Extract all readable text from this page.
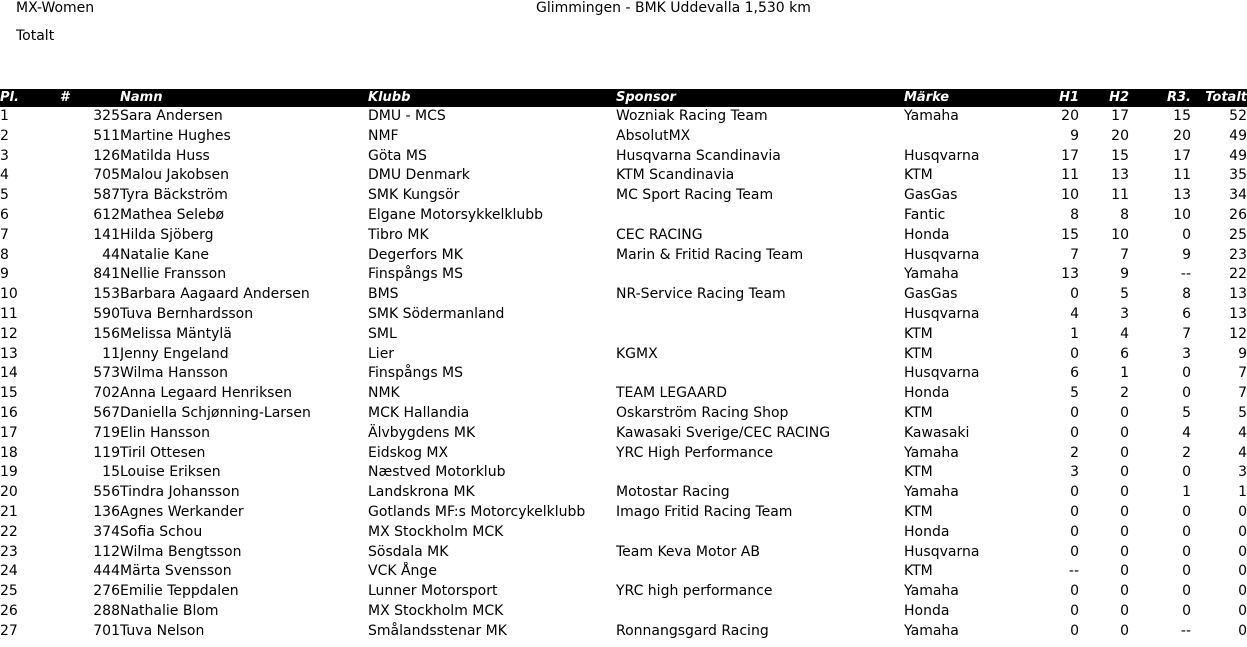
MX-Women	Glimmingen - BMK Uddevalla 1,530 km
Totalt
Pl.	#	Namn	Klubb	Sponsor	Märke	H1	H2	R3.	Totalt
1	325	Sara Andersen	DMU - MCS	Wozniak Racing Team	Yamaha	20	17	15	52
2	511	Martine Hughes	NMF	AbsolutMX		9	20	20	49
3	126	Matilda Huss	Göta MS	Husqvarna Scandinavia	Husqvarna	17	15	17	49
4	705	Malou Jakobsen	DMU Denmark	KTM Scandinavia	KTM	11	13	11	35
5	587	Tyra Bäckström	SMK Kungsör	MC Sport Racing Team	GasGas	10	11	13	34
6	612	Mathea Selebø	Elgane Motorsykkelklubb		Fantic	8	8	10	26
7	141	Hilda Sjöberg	Tibro MK	CEC RACING	Honda	15	10	0	25
8	44	Natalie Kane	Degerfors MK	Marin & Fritid Racing Team	Husqvarna	7	7	9	23
9	841	Nellie Fransson	Finspångs MS		Yamaha	13	9	--	22
10	153	Barbara Aagaard Andersen	BMS	NR-Service Racing Team	GasGas	0	5	8	13
11	590	Tuva Bernhardsson	SMK Södermanland		Husqvarna	4	3	6	13
12	156	Melissa Mäntylä	SML		KTM	1	4	7	12
13	11	Jenny Engeland	Lier	KGMX	KTM	0	6	3	9
14	573	Wilma Hansson	Finspångs MS		Husqvarna	6	1	0	7
15	702	Anna Legaard Henriksen	NMK	TEAM LEGAARD	Honda	5	2	0	7
16	567	Daniella Schjønning-Larsen	MCK Hallandia	Oskarström Racing Shop	KTM	0	0	5	5
17	719	Elin Hansson	Älvbygdens MK	Kawasaki Sverige/CEC RACING	Kawasaki	0	0	4	4
18	119	Tiril Ottesen	Eidskog MX	YRC High Performance	Yamaha	2	0	2	4
19	15	Louise Eriksen	Næstved Motorklub		KTM	3	0	0	3
20	556	Tindra Johansson	Landskrona MK	Motostar Racing	Yamaha	0	0	1	1
21	136	Agnes Werkander	Gotlands MF:s Motorcykelklubb	Imago Fritid Racing Team	KTM	0	0	0	0
22	374	Sofia Schou	MX Stockholm MCK		Honda	0	0	0	0
23	112	Wilma Bengtsson	Sösdala MK	Team Keva Motor AB	Husqvarna	0	0	0	0
24	444	Märta Svensson	VCK Ånge		KTM	--	0	0	0
25	276	Emilie Teppdalen	Lunner Motorsport	YRC high performance	Yamaha	0	0	0	0
26	288	Nathalie Blom	MX Stockholm MCK		Honda	0	0	0	0
27	701	Tuva Nelson	Smålandsstenar MK	Ronnangsgard Racing	Yamaha	0	0	--	0
